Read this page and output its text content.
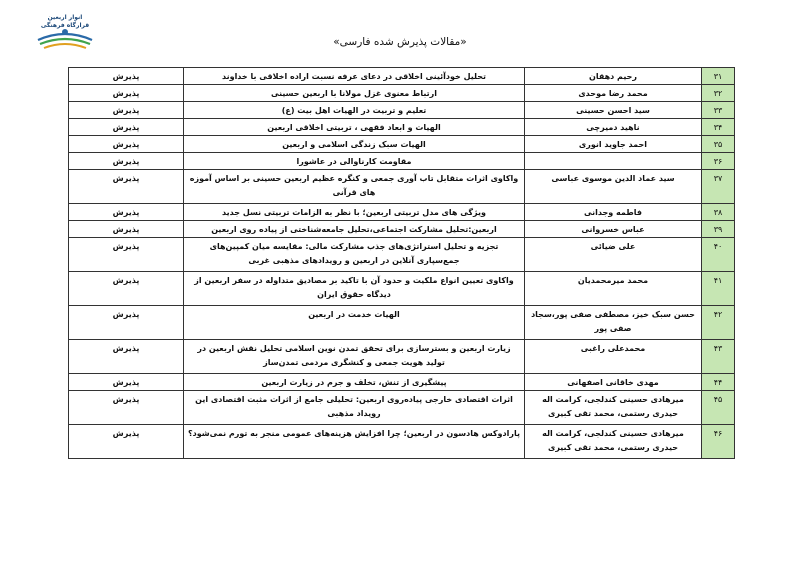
انوار اربعین
قرارگاه فرهنگی
«مقالات پذیرش شده فارسی»
۳۱	رحیم دهقان	تحلیل خودآئینی اخلاقی در دعای عرفه نسبت اراده اخلاقی با خداوند	پذیرش
۳۲	محمد رضا موحدی	ارتباط معنوی غزل مولانا با اربعین حسینی	پذیرش
۳۳	سید احسن حسینی	تعلیم و تربیت در الهیات اهل بیت (ع)	پذیرش
۳۴	ناهید دمیرچی	الهیات و ابعاد فقهی ، تربیتی اخلاقی اربعین	پذیرش
۳۵	احمد جاوید انوری	الهیات سبک زندگی اسلامی و اربعین	پذیرش
۳۶		مقاومت کارناوالی در عاشورا	پذیرش
۳۷	سید عماد الدین موسوی عباسی	واکاوی اثرات متقابل تاب آوری جمعی و کنگره عظیم اربعین حسینی بر اساس آموزه های قرآنی	پذیرش
۳۸	فاطمه وجدانی	ویژگی های مدل تربیتی اربعین؛ با نظر به الزامات تربیتی نسل جدید	پذیرش
۳۹	عباس خسروانی	اربعین:تحلیل مشارکت اجتماعی،تحلیل جامعه‌شناختی از پیاده روی اربعین	پذیرش
۴۰	علی ضیائی	تجزیه و تحلیل استراتژی‌های جذب مشارکت مالی: مقایسه میان کمپین‌های جمع‌سپاری آنلاین در اربعین و رویدادهای مذهبی غربی	پذیرش
۴۱	محمد میرمحمدیان	واکاوی تعیین انواع ملکیت و حدود آن با تاکید بر مصادیق متداوله در سفر اربعین از دیدگاه حقوق ایران	پذیرش
۴۲	حسن سبک خیز، مصطفی صفی پور،سجاد صفی پور	الهیات خدمت در اربعین	پذیرش
۴۳	محمدعلی راغبی	زیارت اربعین و بسترسازی برای تحقق تمدن نوین اسلامی تحلیل نقش اربعین در تولید هویت جمعی و کنشگری مردمی تمدن‌ساز	پذیرش
۴۴	مهدی خاقانی اصفهانی	پیشگیری از تنش، تخلف و جرم در زیارت اربعین	پذیرش
۴۵	میرهادی حسینی کندلجی، کرامت اله حیدری رستمی، محمد تقی کبیری	اثرات اقتصادی خارجی پیاده‌روی اربعین: تحلیلی جامع از اثرات مثبت اقتصادی این رویداد مذهبی	پذیرش
۴۶	میرهادی حسینی کندلجی، کرامت اله حیدری رستمی، محمد تقی کبیری	پارادوکس هادسون در اربعین؛ چرا افزایش هزینه‌های عمومی منجر به تورم نمی‌شود؟	پذیرش
